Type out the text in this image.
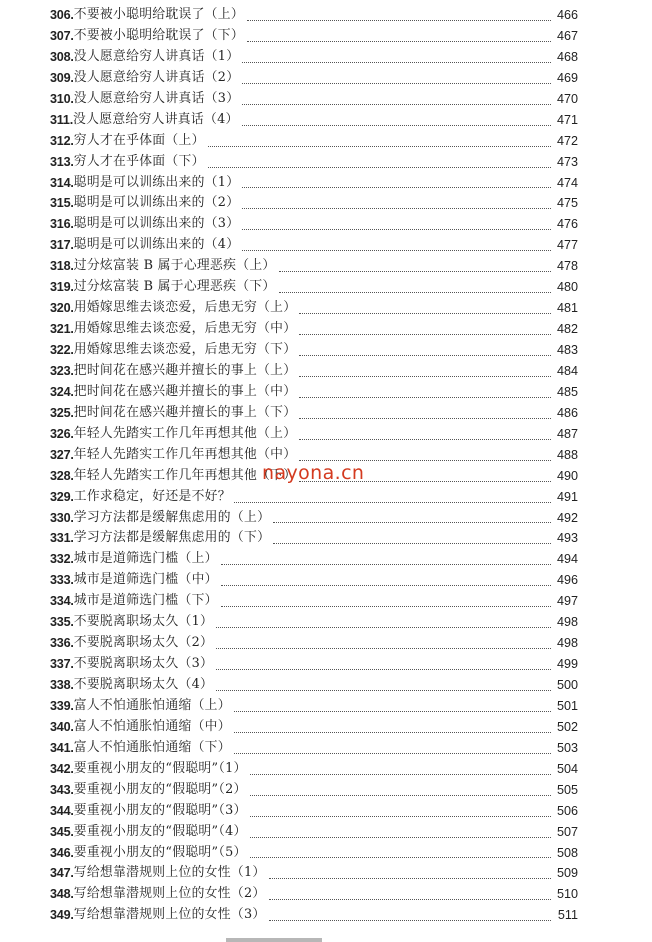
306. 不要被小聪明给耽误了（上）	466
307. 不要被小聪明给耽误了（下）	467
308. 没人愿意给穷人讲真话（1）	468
309. 没人愿意给穷人讲真话（2）	469
310. 没人愿意给穷人讲真话（3）	470
311. 没人愿意给穷人讲真话（4）	471
312. 穷人才在乎体面（上）	472
313. 穷人才在乎体面（下）	473
314. 聪明是可以训练出来的（1）	474
315. 聪明是可以训练出来的（2）	475
316. 聪明是可以训练出来的（3）	476
317. 聪明是可以训练出来的（4）	477
318. 过分炫富装 B 属于心理恶疾（上）	478
319. 过分炫富装 B 属于心理恶疾（下）	480
320. 用婚嫁思维去谈恋爱，后患无穷（上）	481
321. 用婚嫁思维去谈恋爱，后患无穷（中）	482
322. 用婚嫁思维去谈恋爱，后患无穷（下）	483
323. 把时间花在感兴趣并擅长的事上（上）	484
324. 把时间花在感兴趣并擅长的事上（中）	485
325. 把时间花在感兴趣并擅长的事上（下）	486
326. 年轻人先踏实工作几年再想其他（上）	487
327. 年轻人先踏实工作几年再想其他（中）	488
328. 年轻人先踏实工作几年再想其他（下）	490
329. 工作求稳定，好还是不好？	491
330. 学习方法都是缓解焦虑用的（上）	492
331. 学习方法都是缓解焦虑用的（下）	493
332. 城市是道筛选门槛（上）	494
333. 城市是道筛选门槛（中）	496
334. 城市是道筛选门槛（下）	497
335. 不要脱离职场太久（1）	498
336. 不要脱离职场太久（2）	498
337. 不要脱离职场太久（3）	499
338. 不要脱离职场太久（4）	500
339. 富人不怕通胀怕通缩（上）	501
340. 富人不怕通胀怕通缩（中）	502
341. 富人不怕通胀怕通缩（下）	503
342. 要重视小朋友的“假聪明”（1）	504
343. 要重视小朋友的“假聪明”（2）	505
344. 要重视小朋友的“假聪明”（3）	506
345. 要重视小朋友的“假聪明”（4）	507
346. 要重视小朋友的“假聪明”（5）	508
347. 写给想靠潜规则上位的女性（1）	509
348. 写给想靠潜规则上位的女性（2）	510
349. 写给想靠潜规则上位的女性（3）	511
nayona.cn
